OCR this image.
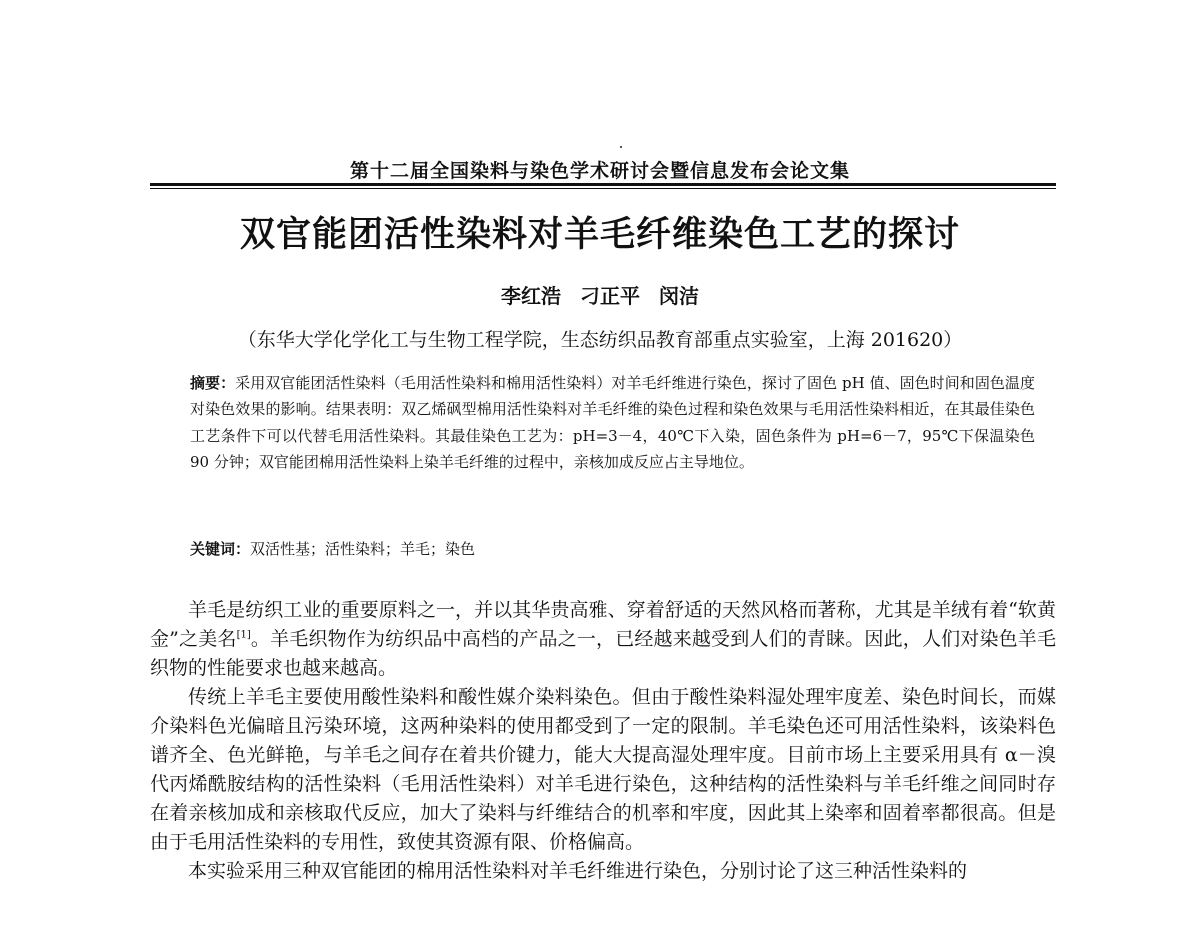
第十二届全国染料与染色学术研讨会暨信息发布会论文集
双官能团活性染料对羊毛纤维染色工艺的探讨
李红浩 刁正平 闵洁
（东华大学化学化工与生物工程学院，生态纺织品教育部重点实验室，上海 201620）
摘要：采用双官能团活性染料（毛用活性染料和棉用活性染料）对羊毛纤维进行染色，探讨了固色 pH 值、固色时间和固色温度对染色效果的影响。结果表明：双乙烯砜型棉用活性染料对羊毛纤维的染色过程和染色效果与毛用活性染料相近，在其最佳染色工艺条件下可以代替毛用活性染料。其最佳染色工艺为：pH=3－4，40℃下入染，固色条件为 pH=6－7，95℃下保温染色 90 分钟；双官能团棉用活性染料上染羊毛纤维的过程中，亲核加成反应占主导地位。
关键词：双活性基；活性染料；羊毛；染色

羊毛是纺织工业的重要原料之一，并以其华贵高雅、穿着舒适的天然风格而著称，尤其是羊绒有着“软黄金”之美名[1]。羊毛织物作为纺织品中高档的产品之一，已经越来越受到人们的青睐。因此，人们对染色羊毛织物的性能要求也越来越高。

传统上羊毛主要使用酸性染料和酸性媒介染料染色。但由于酸性染料湿处理牢度差、染色时间长，而媒介染料色光偏暗且污染环境，这两种染料的使用都受到了一定的限制。羊毛染色还可用活性染料，该染料色谱齐全、色光鲜艳，与羊毛之间存在着共价键力，能大大提高湿处理牢度。目前市场上主要采用具有 α－溴代丙烯酰胺结构的活性染料（毛用活性染料）对羊毛进行染色，这种结构的活性染料与羊毛纤维之间同时存在着亲核加成和亲核取代反应，加大了染料与纤维结合的机率和牢度，因此其上染率和固着率都很高。但是由于毛用活性染料的专用性，致使其资源有限、价格偏高。

本实验采用三种双官能团的棉用活性染料对羊毛纤维进行染色，分别讨论了这三种活性染料的
